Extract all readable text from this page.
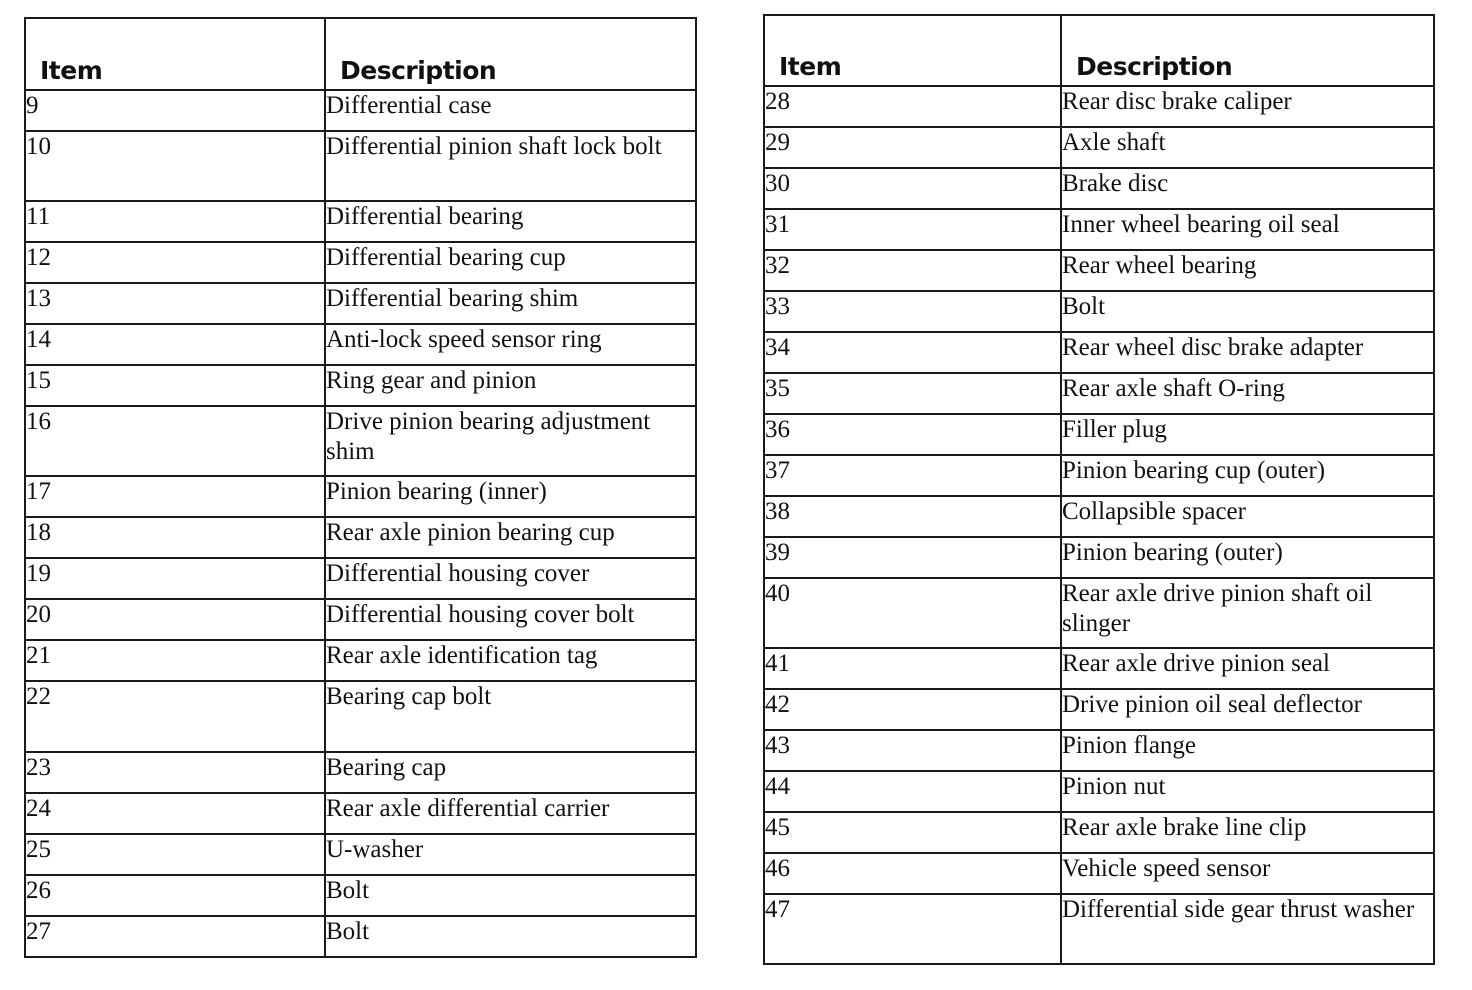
Item	Description
9	Differential case
10	Differential pinion shaft lock bolt
11	Differential bearing
12	Differential bearing cup
13	Differential bearing shim
14	Anti-lock speed sensor ring
15	Ring gear and pinion
16	Drive pinion bearing adjustment shim
17	Pinion bearing (inner)
18	Rear axle pinion bearing cup
19	Differential housing cover
20	Differential housing cover bolt
21	Rear axle identification tag
22	Bearing cap bolt
23	Bearing cap
24	Rear axle differential carrier
25	U-washer
26	Bolt
27	Bolt
Item	Description
28	Rear disc brake caliper
29	Axle shaft
30	Brake disc
31	Inner wheel bearing oil seal
32	Rear wheel bearing
33	Bolt
34	Rear wheel disc brake adapter
35	Rear axle shaft O-ring
36	Filler plug
37	Pinion bearing cup (outer)
38	Collapsible spacer
39	Pinion bearing (outer)
40	Rear axle drive pinion shaft oil slinger
41	Rear axle drive pinion seal
42	Drive pinion oil seal deflector
43	Pinion flange
44	Pinion nut
45	Rear axle brake line clip
46	Vehicle speed sensor
47	Differential side gear thrust washer
